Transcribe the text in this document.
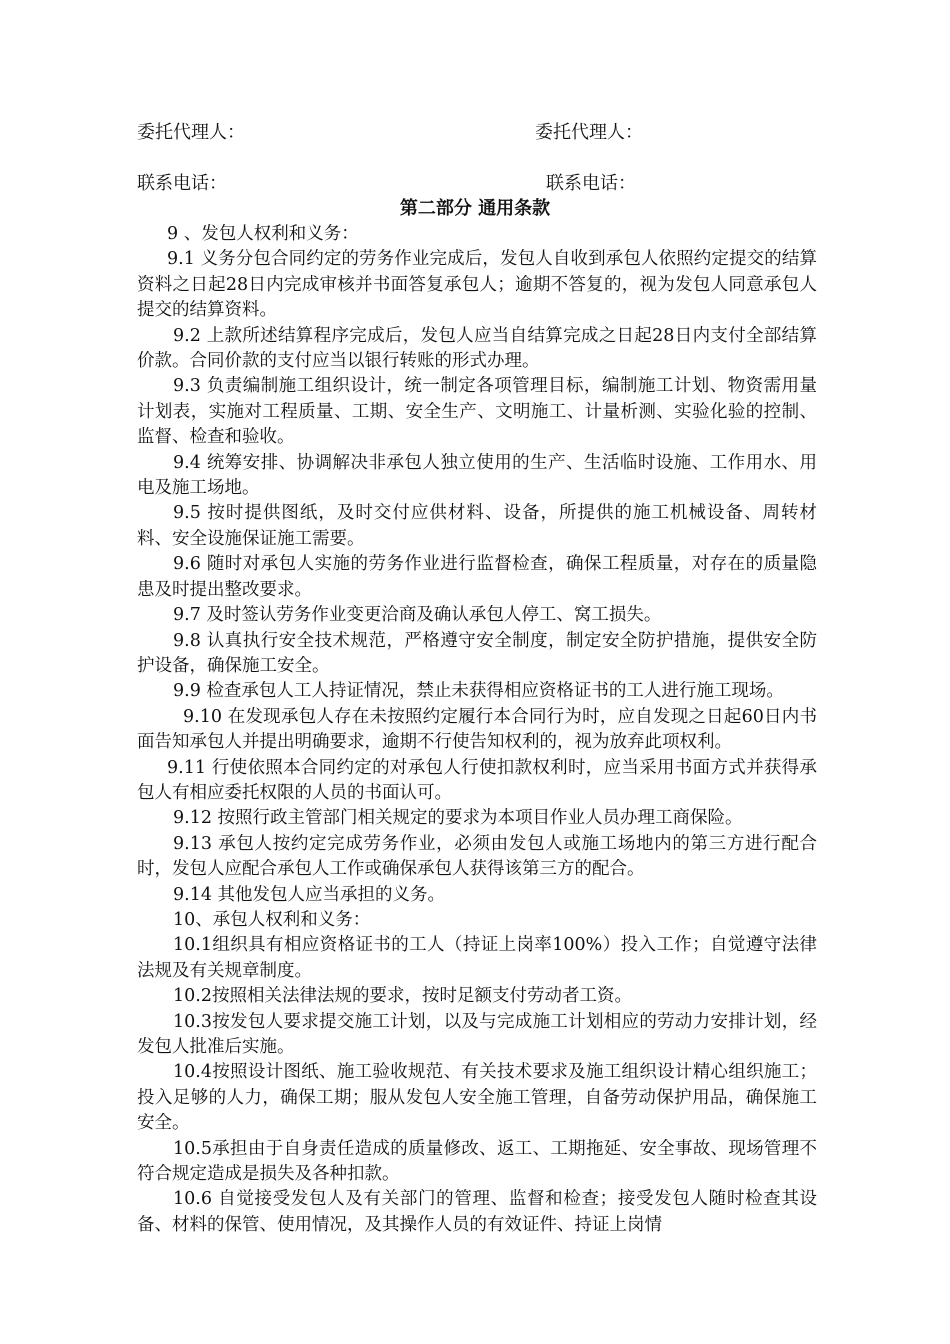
委托代理人：	委托代理人：
联系电话：	联系电话：
第二部分 通用条款

9 、发包人权利和义务：

9.1 义务分包合同约定的劳务作业完成后，发包人自收到承包人依照约定提交的结算资料之日起28日内完成审核并书面答复承包人；逾期不答复的，视为发包人同意承包人提交的结算资料。

9.2 上款所述结算程序完成后，发包人应当自结算完成之日起28日内支付全部结算价款。合同价款的支付应当以银行转账的形式办理。

9.3 负责编制施工组织设计，统一制定各项管理目标，编制施工计划、物资需用量计划表，实施对工程质量、工期、安全生产、文明施工、计量析测、实验化验的控制、监督、检查和验收。

9.4 统筹安排、协调解决非承包人独立使用的生产、生活临时设施、工作用水、用电及施工场地。

9.5 按时提供图纸，及时交付应供材料、设备，所提供的施工机械设备、周转材料、安全设施保证施工需要。

9.6 随时对承包人实施的劳务作业进行监督检查，确保工程质量，对存在的质量隐患及时提出整改要求。

9.7 及时签认劳务作业变更洽商及确认承包人停工、窝工损失。

9.8 认真执行安全技术规范，严格遵守安全制度，制定安全防护措施，提供安全防护设备，确保施工安全。

9.9 检查承包人工人持证情况，禁止未获得相应资格证书的工人进行施工现场。

9.10 在发现承包人存在未按照约定履行本合同行为时，应自发现之日起60日内书面告知承包人并提出明确要求，逾期不行使告知权利的，视为放弃此项权利。

9.11 行使依照本合同约定的对承包人行使扣款权利时，应当采用书面方式并获得承包人有相应委托权限的人员的书面认可。

9.12 按照行政主管部门相关规定的要求为本项目作业人员办理工商保险。

9.13 承包人按约定完成劳务作业，必须由发包人或施工场地内的第三方进行配合时，发包人应配合承包人工作或确保承包人获得该第三方的配合。

9.14 其他发包人应当承担的义务。

10、承包人权利和义务：

10.1组织具有相应资格证书的工人（持证上岗率100%）投入工作；自觉遵守法律法规及有关规章制度。

10.2按照相关法律法规的要求，按时足额支付劳动者工资。

10.3按发包人要求提交施工计划，以及与完成施工计划相应的劳动力安排计划，经发包人批准后实施。

10.4按照设计图纸、施工验收规范、有关技术要求及施工组织设计精心组织施工；投入足够的人力，确保工期；服从发包人安全施工管理，自备劳动保护用品，确保施工安全。

10.5承担由于自身责任造成的质量修改、返工、工期拖延、安全事故、现场管理不符合规定造成是损失及各种扣款。

10.6 自觉接受发包人及有关部门的管理、监督和检查；接受发包人随时检查其设备、材料的保管、使用情况，及其操作人员的有效证件、持证上岗情
